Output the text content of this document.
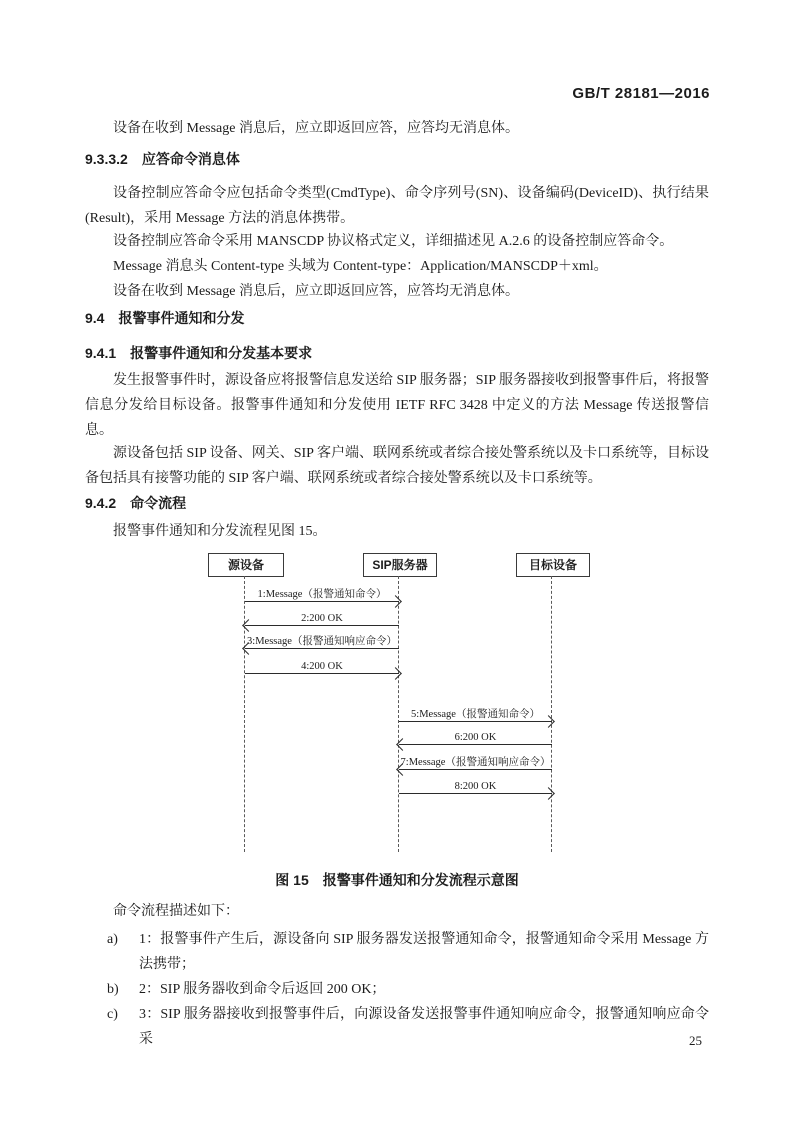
GB/T 28181—2016

设备在收到 Message 消息后，应立即返回应答，应答均无消息体。

9.3.3.2 应答命令消息体

设备控制应答命令应包括命令类型(CmdType)、命令序列号(SN)、设备编码(DeviceID)、执行结果(Result)，采用 Message 方法的消息体携带。

设备控制应答命令采用 MANSCDP 协议格式定义，详细描述见 A.2.6 的设备控制应答命令。

Message 消息头 Content-type 头域为 Content-type：Application/MANSCDP＋xml。

设备在收到 Message 消息后，应立即返回应答，应答均无消息体。

9.4 报警事件通知和分发
9.4.1 报警事件通知和分发基本要求

发生报警事件时，源设备应将报警信息发送给 SIP 服务器；SIP 服务器接收到报警事件后，将报警信息分发给目标设备。报警事件通知和分发使用 IETF RFC 3428 中定义的方法 Message 传送报警信息。

源设备包括 SIP 设备、网关、SIP 客户端、联网系统或者综合接处警系统以及卡口系统等，目标设备包括具有接警功能的 SIP 客户端、联网系统或者综合接处警系统以及卡口系统等。

9.4.2 命令流程

报警事件通知和分发流程见图 15。

命令流程描述如下：

a) 1：报警事件产生后，源设备向 SIP 服务器发送报警通知命令，报警通知命令采用 Message 方法携带；
b) 2：SIP 服务器收到命令后返回 200 OK；
c) 3：SIP 服务器接收到报警事件后，向源设备发送报警事件通知响应命令，报警通知响应命令采
源设备	SIP服务器	目标设备
1:Message（报警通知命令）
2:200 OK
3:Message（报警通知响应命令）
4:200 OK
5:Message（报警通知命令）
6:200 OK
7:Message（报警通知响应命令）
8:200 OK
图 15　报警事件通知和分发流程示意图
25
